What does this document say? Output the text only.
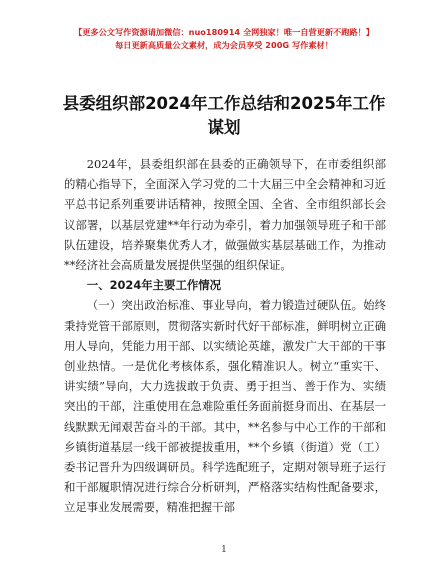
【更多公文写作资源请加微信：nuo180914 全网独家！唯一自营更新不跑路！】
每日更新高质量公文素材，成为会员享受 200G 写作素材！
县委组织部2024年工作总结和2025年工作谋划

2024年，县委组织部在县委的正确领导下，在市委组织部的精心指导下，全面深入学习党的二十大届三中全会精神和习近平总书记系列重要讲话精神，按照全国、全省、全市组织部长会议部署，以基层党建**年行动为牵引，着力加强领导班子和干部队伍建设，培养聚集优秀人才，做强做实基层基础工作，为推动**经济社会高质量发展提供坚强的组织保证。

一、2024年主要工作情况

（一）突出政治标准、事业导向，着力锻造过硬队伍。始终秉持党管干部原则，贯彻落实新时代好干部标准，鲜明树立正确用人导向，凭能力用干部、以实绩论英雄，激发广大干部的干事创业热情。一是优化考核体系，强化精准识人。树立“重实干、讲实绩”导向，大力选拔敢于负责、勇于担当、善于作为、实绩突出的干部，注重使用在急难险重任务面前挺身而出、在基层一线默默无闻艰苦奋斗的干部。其中，**名参与中心工作的干部和乡镇街道基层一线干部被提拔重用，**个乡镇（街道）党（工）委书记晋升为四级调研员。科学选配班子，定期对领导班子运行和干部履职情况进行综合分析研判，严格落实结构性配备要求，立足事业发展需要，精准把握干部

1
